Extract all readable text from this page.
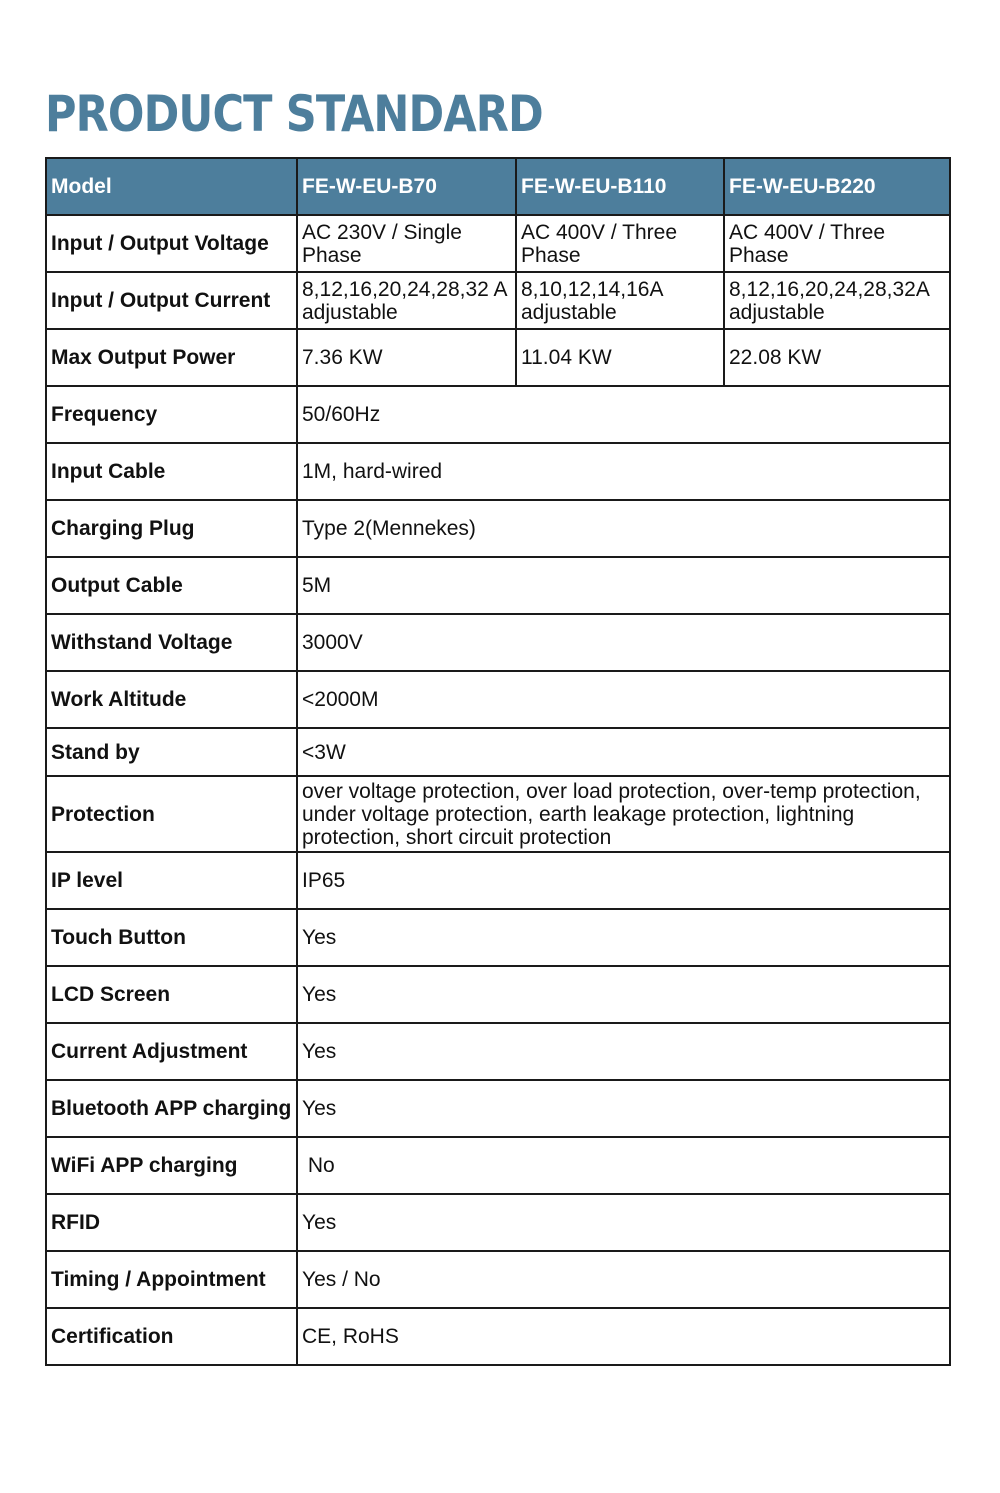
PRODUCT STANDARD
Model	FE-W-EU-B70	FE-W-EU-B110	FE-W-EU-B220
Input / Output Voltage	AC 230V / Single Phase	AC 400V / Three Phase	AC 400V / Three Phase
Input / Output Current	8,12,16,20,24,28,32 A adjustable	8,10,12,14,16A adjustable	8,12,16,20,24,28,32A adjustable
Max Output Power	7.36 KW	11.04 KW	22.08 KW
Frequency	50/60Hz		
Input Cable	1M, hard-wired		
Charging Plug	Type 2(Mennekes)		
Output Cable	5M		
Withstand Voltage	3000V		
Work Altitude	<2000M		
Stand by	<3W		
Protection	over voltage protection, over load protection, over-temp protection, under voltage protection, earth leakage protection, lightning protection, short circuit protection		
IP level	IP65		
Touch Button	Yes		
LCD Screen	Yes		
Current Adjustment	Yes		
Bluetooth APP charging	Yes		
WiFi APP charging	No		
RFID	Yes		
Timing / Appointment	Yes / No		
Certification	CE, RoHS		
